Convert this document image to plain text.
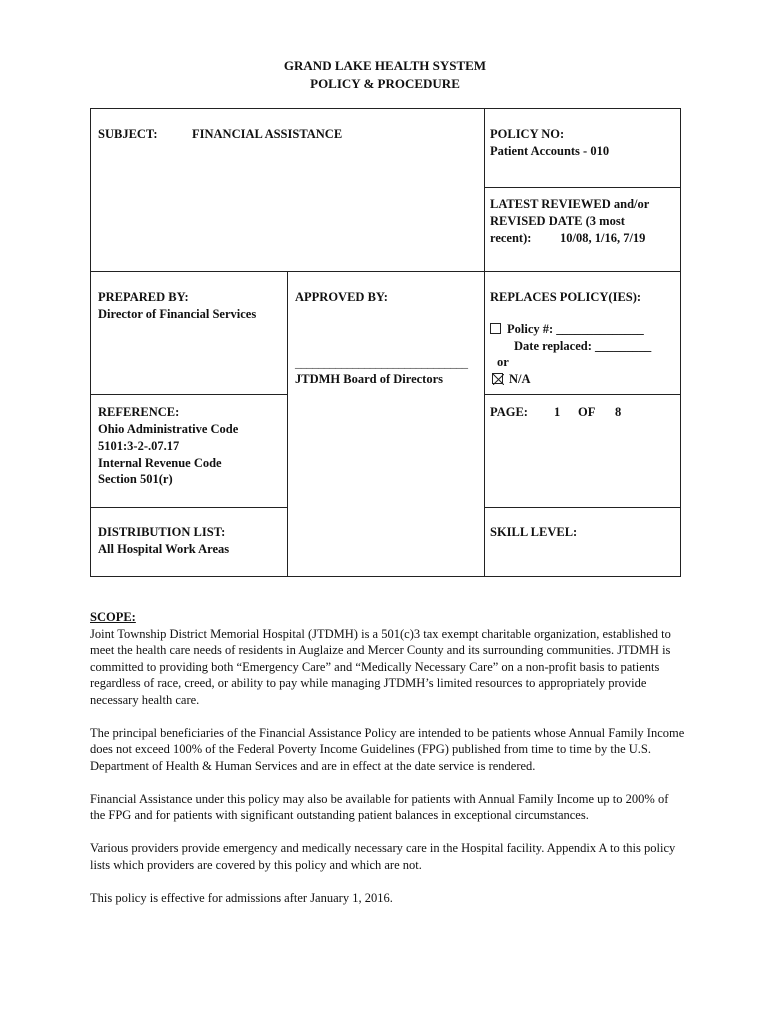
GRAND LAKE HEALTH SYSTEM
POLICY & PROCEDURE
SUBJECT:	FINANCIAL ASSISTANCE	POLICY NO:
Patient Accounts - 010
LATEST REVIEWED and/or
REVISED DATE (3 most
recent): 10/08, 1/16, 7/19
PREPARED BY:
Director of Financial Services
APPROVED BY:
______________________________
JTDMH Board of Directors
REPLACES POLICY(IES):
Policy #: ______________
Date replaced: _________
or
N/A
REFERENCE:
Ohio Administrative Code
5101:3-2-.07.17
Internal Revenue Code
Section 501(r)
PAGE: 1 OF 8
DISTRIBUTION LIST:
All Hospital Work Areas
SKILL LEVEL:
SCOPE:

Joint Township District Memorial Hospital (JTDMH) is a 501(c)3 tax exempt charitable organization, established to meet the health care needs of residents in Auglaize and Mercer County and its surrounding communities. JTDMH is committed to providing both “Emergency Care” and “Medically Necessary Care” on a non-profit basis to patients regardless of race, creed, or ability to pay while managing JTDMH’s limited resources to appropriately provide necessary health care.

The principal beneficiaries of the Financial Assistance Policy are intended to be patients whose Annual Family Income does not exceed 100% of the Federal Poverty Income Guidelines (FPG) published from time to time by the U.S. Department of Health & Human Services and are in effect at the date service is rendered.

Financial Assistance under this policy may also be available for patients with Annual Family Income up to 200% of the FPG and for patients with significant outstanding patient balances in exceptional circumstances.

Various providers provide emergency and medically necessary care in the Hospital facility. Appendix A to this policy lists which providers are covered by this policy and which are not.

This policy is effective for admissions after January 1, 2016.
